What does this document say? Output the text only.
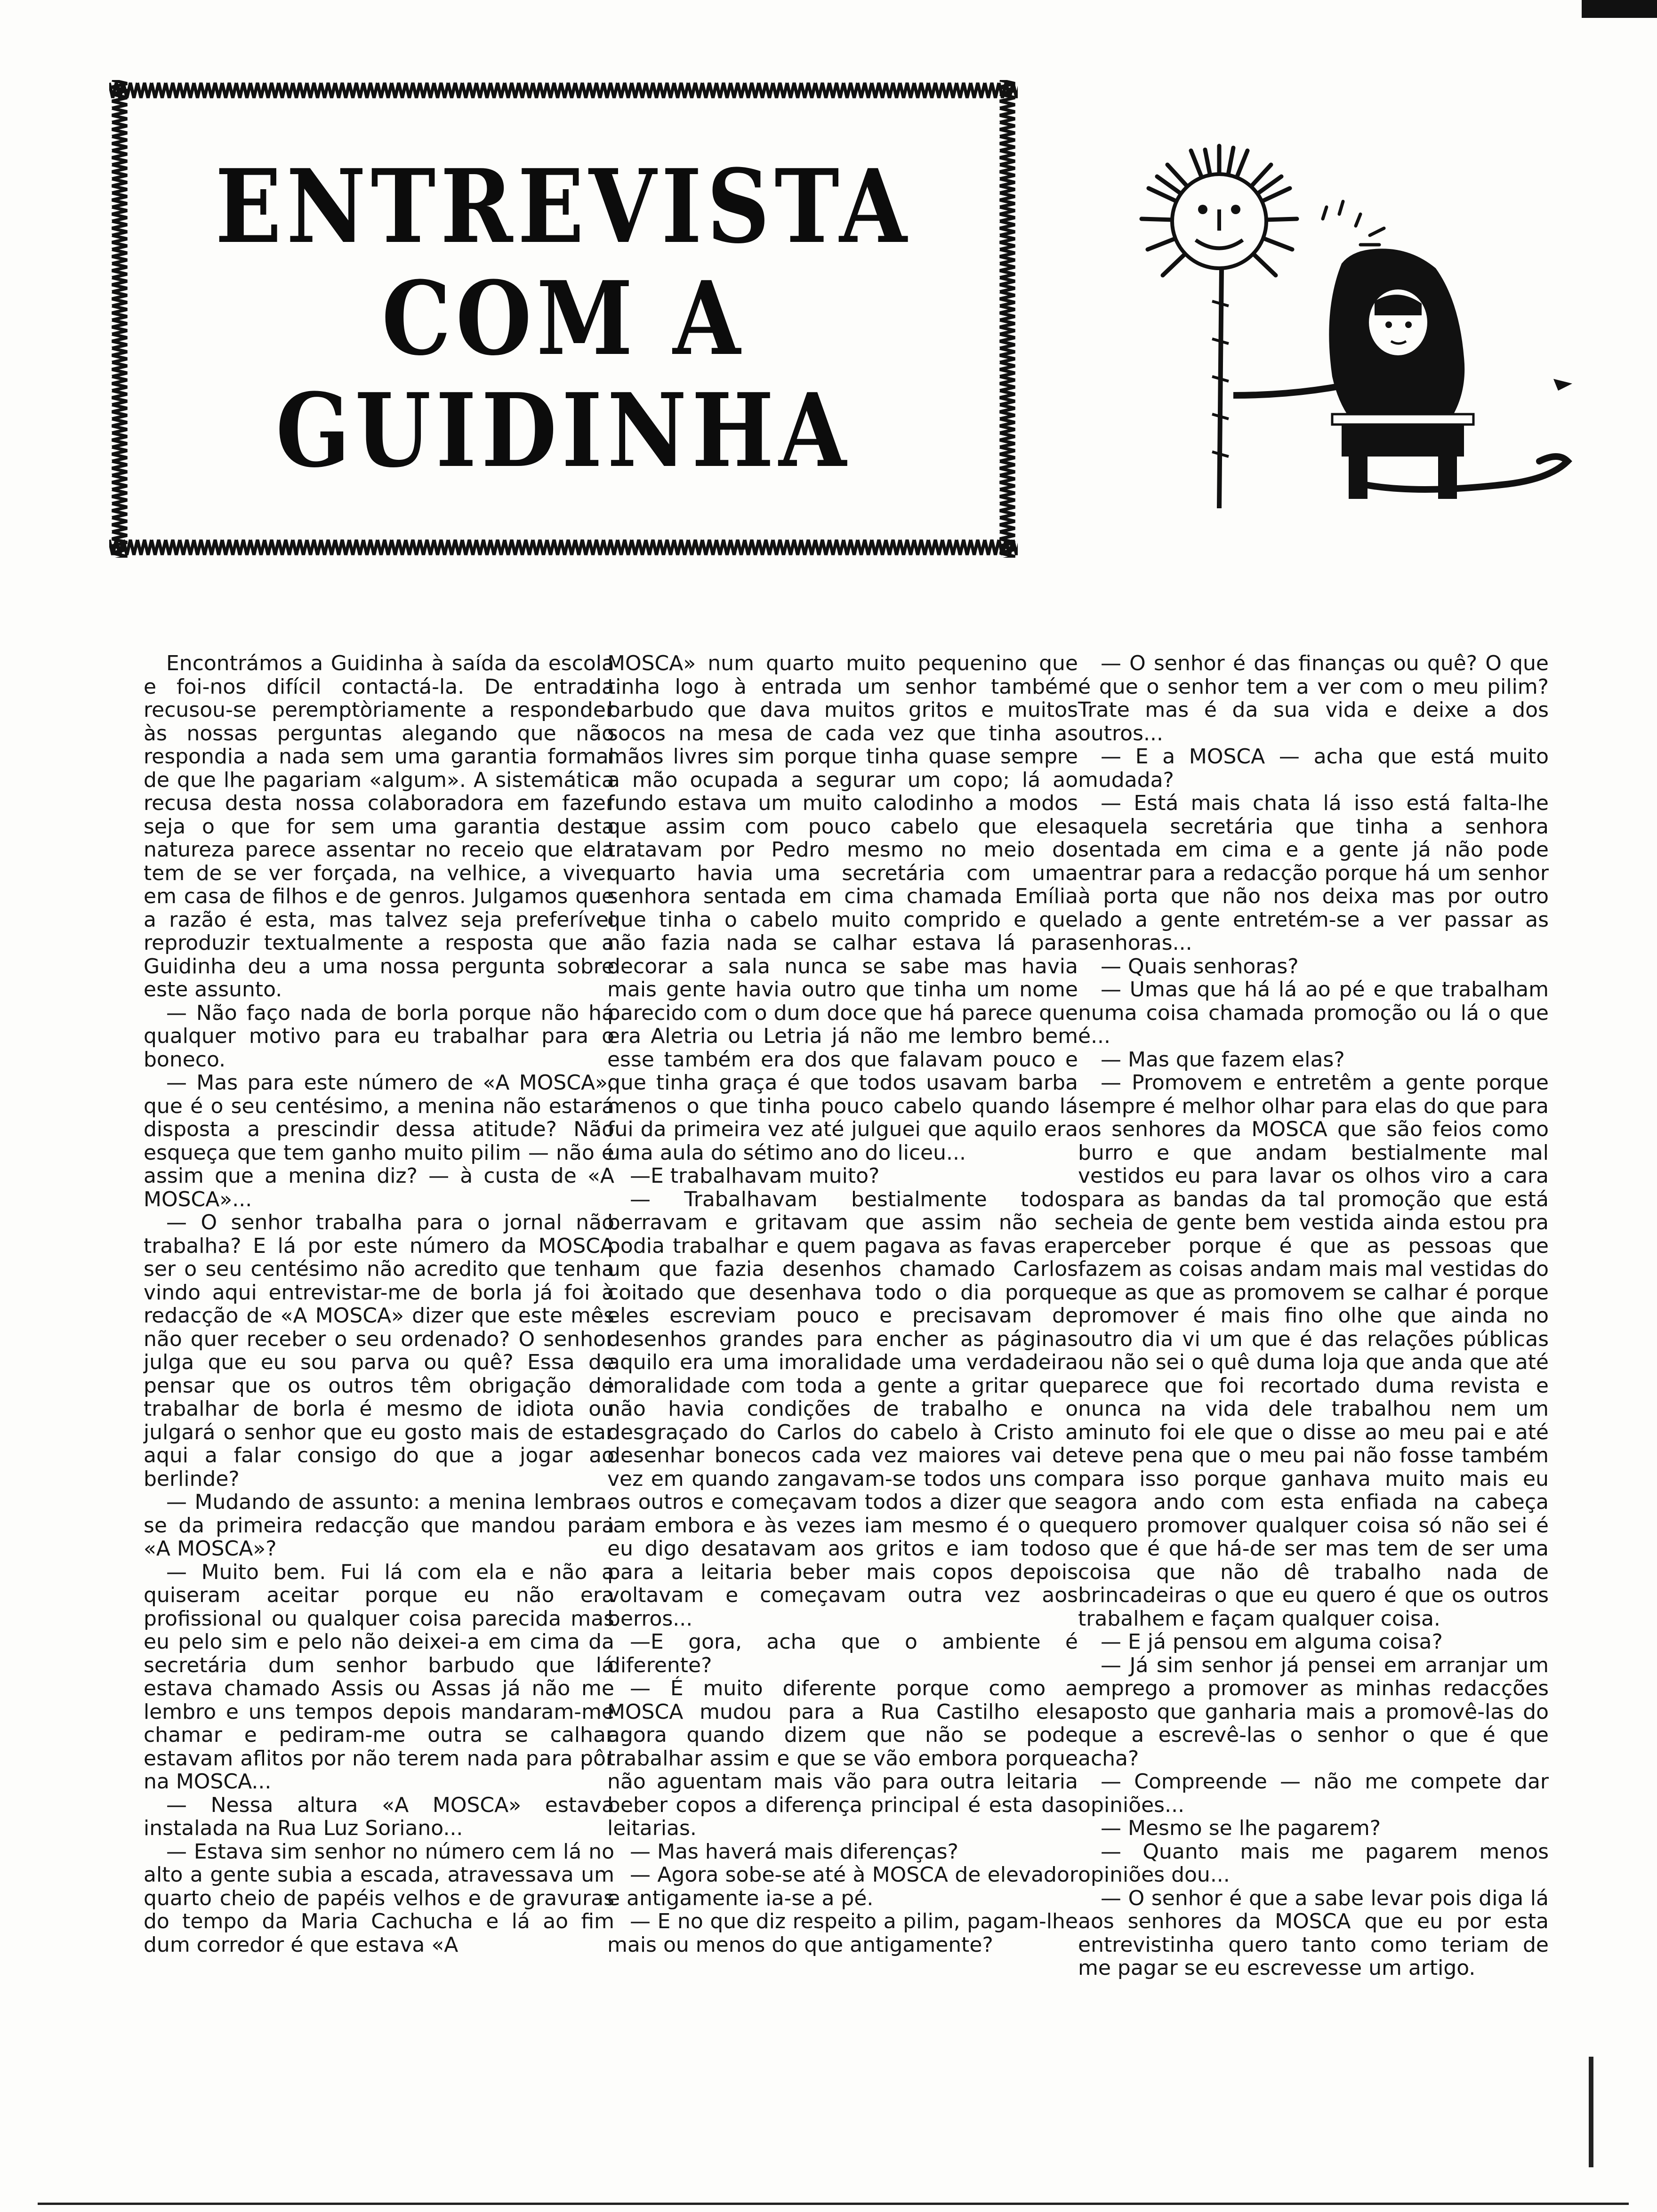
ENTREVISTA
COM A
GUIDINHA

Encontrámos a Guidinha à saída da escola e foi-nos difícil contactá-la. De entrada recusou-se peremptòriamente a responder às nossas perguntas alegando que não respondia a nada sem uma garantia formal de que lhe pagariam «algum». A sistemática recusa desta nossa colaboradora em fazer seja o que for sem uma garantia desta natureza parece assentar no receio que ela tem de se ver forçada, na velhice, a viver em casa de filhos e de genros. Julgamos que a razão é esta, mas talvez seja preferível reproduzir textualmente a resposta que a Guidinha deu a uma nossa pergunta sobre este assunto.

— Não faço nada de borla porque não há qualquer motivo para eu trabalhar para o boneco.

— Mas para este número de «A MOSCA», que é o seu centésimo, a menina não estará disposta a prescindir dessa atitude? Não esqueça que tem ganho muito pilim — não é assim que a menina diz? — à custa de «A MOSCA»...

— O senhor trabalha para o jornal não trabalha? E lá por este número da MOSCA ser o seu centésimo não acredito que tenha vindo aqui entrevistar-me de borla já foi à redacção de «A MOSCA» dizer que este mês não quer receber o seu ordenado? O senhor julga que eu sou parva ou quê? Essa de pensar que os outros têm obrigação de trabalhar de borla é mesmo de idiota ou julgará o senhor que eu gosto mais de estar aqui a falar consigo do que a jogar ao berlinde?

— Mudando de assunto: a menina lembra-se da primeira redacção que mandou para «A MOSCA»?

— Muito bem. Fui lá com ela e não a quiseram aceitar porque eu não era profissional ou qualquer coisa parecida mas eu pelo sim e pelo não deixei-a em cima da secretária dum senhor barbudo que lá estava chamado Assis ou Assas já não me lembro e uns tempos depois mandaram-me chamar e pediram-me outra se calhar estavam aflitos por não terem nada para pôr na MOSCA...

— Nessa altura «A MOSCA» estava instalada na Rua Luz Soriano...

— Estava sim senhor no número cem lá no alto a gente subia a escada, atravessava um quarto cheio de papéis velhos e de gravuras do tempo da Maria Cachucha e lá ao fim dum corredor é que estava «A

MOSCA» num quarto muito pequenino que tinha logo à entrada um senhor também barbudo que dava muitos gritos e muitos socos na mesa de cada vez que tinha as mãos livres sim porque tinha quase sempre a mão ocupada a segurar um copo; lá ao fundo estava um muito calodinho a modos que assim com pouco cabelo que eles tratavam por Pedro mesmo no meio do quarto havia uma secretária com uma senhora sentada em cima chamada Emília que tinha o cabelo muito comprido e que não fazia nada se calhar estava lá para decorar a sala nunca se sabe mas havia mais gente havia outro que tinha um nome parecido com o dum doce que há parece que era Aletria ou Letria já não me lembro bem esse também era dos que falavam pouco e que tinha graça é que todos usavam barba menos o que tinha pouco cabelo quando lá fui da primeira vez até julguei que aquilo era uma aula do sétimo ano do liceu...

—E trabalhavam muito?

— Trabalhavam bestialmente todos berravam e gritavam que assim não se podia trabalhar e quem pagava as favas era um que fazia desenhos chamado Carlos coitado que desenhava todo o dia porque eles escreviam pouco e precisavam de desenhos grandes para encher as páginas aquilo era uma imoralidade uma verdadeira imoralidade com toda a gente a gritar que não havia condições de trabalho e o desgraçado do Carlos do cabelo à Cristo a desenhar bonecos cada vez maiores vai de vez em quando zangavam-se todos uns com os outros e começavam todos a dizer que se iam embora e às vezes iam mesmo é o que eu digo desatavam aos gritos e iam todos para a leitaria beber mais copos depois voltavam e começavam outra vez aos berros...

—E gora, acha que o ambiente é diferente?

— É muito diferente porque como a MOSCA mudou para a Rua Castilho eles agora quando dizem que não se pode trabalhar assim e que se vão embora porque não aguentam mais vão para outra leitaria beber copos a diferença principal é esta das leitarias.

— Mas haverá mais diferenças?

— Agora sobe-se até à MOSCA de elevador e antigamente ia-se a pé.

— E no que diz respeito a pilim, pagam-lhe mais ou menos do que antigamente?

— O senhor é das finanças ou quê? O que é que o senhor tem a ver com o meu pilim? Trate mas é da sua vida e deixe a dos outros...

— E a MOSCA — acha que está muito mudada?

— Está mais chata lá isso está falta-lhe aquela secretária que tinha a senhora sentada em cima e a gente já não pode entrar para a redacção porque há um senhor à porta que não nos deixa mas por outro lado a gente entretém-se a ver passar as senhoras...

— Quais senhoras?

— Umas que há lá ao pé e que trabalham numa coisa chamada promoção ou lá o que é...

— Mas que fazem elas?

— Promovem e entretêm a gente porque sempre é melhor olhar para elas do que para os senhores da MOSCA que são feios como burro e que andam bestialmente mal vestidos eu para lavar os olhos viro a cara para as bandas da tal promoção que está cheia de gente bem vestida ainda estou pra perceber porque é que as pessoas que fazem as coisas andam mais mal vestidas do que as que as promovem se calhar é porque promover é mais fino olhe que ainda no outro dia vi um que é das relações públicas ou não sei o quê duma loja que anda que até parece que foi recortado duma revista e nunca na vida dele trabalhou nem um minuto foi ele que o disse ao meu pai e até teve pena que o meu pai não fosse também para isso porque ganhava muito mais eu agora ando com esta enfiada na cabeça quero promover qualquer coisa só não sei é o que é que há-de ser mas tem de ser uma coisa que não dê trabalho nada de brincadeiras o que eu quero é que os outros trabalhem e façam qualquer coisa.

— E já pensou em alguma coisa?

— Já sim senhor já pensei em arranjar um emprego a promover as minhas redacções aposto que ganharia mais a promovê-las do que a escrevê-las o senhor o que é que acha?

— Compreende — não me compete dar opiniões...

— Mesmo se lhe pagarem?

— Quanto mais me pagarem menos opiniões dou...

— O senhor é que a sabe levar pois diga lá aos senhores da MOSCA que eu por esta entrevistinha quero tanto como teriam de me pagar se eu escrevesse um artigo.
